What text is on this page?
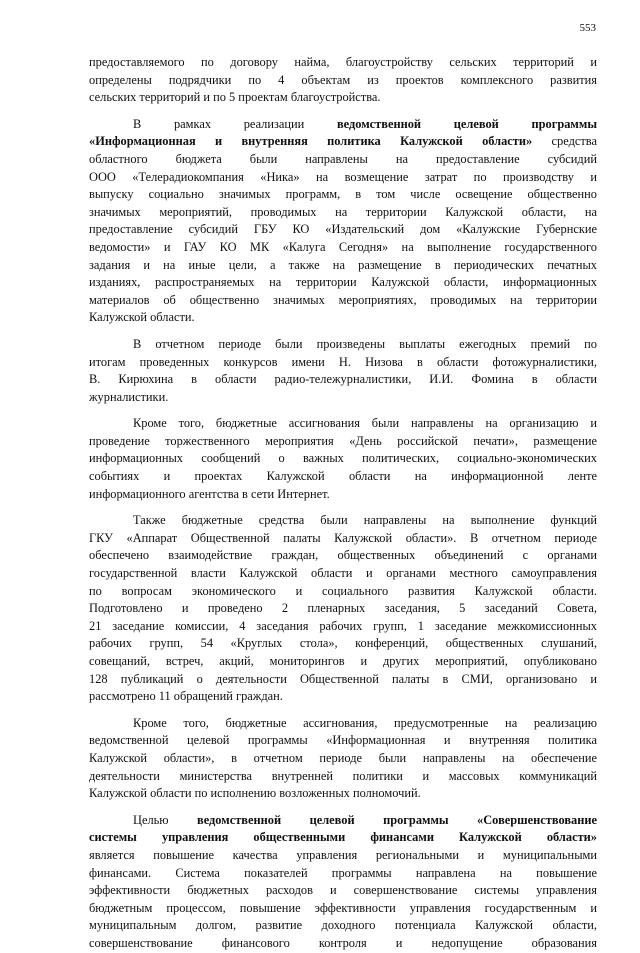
553
предоставляемого по договору найма, благоустройству сельских территорий и
определены подрядчики по 4 объектам из проектов комплексного развития
сельских территорий и по 5 проектам благоустройства.
В рамках реализации ведомственной целевой программы
«Информационная и внутренняя политика Калужской области» средства
областного бюджета были направлены на предоставление субсидий
ООО «Телерадиокомпания «Ника» на возмещение затрат по производству и
выпуску социально значимых программ, в том числе освещение общественно
значимых мероприятий, проводимых на территории Калужской области, на
предоставление субсидий ГБУ КО «Издательский дом «Калужские Губернские
ведомости» и ГАУ КО МК «Калуга Сегодня» на выполнение государственного
задания и на иные цели, а также на размещение в периодических печатных
изданиях, распространяемых на территории Калужской области, информационных
материалов об общественно значимых мероприятиях, проводимых на территории
Калужской области.
В отчетном периоде были произведены выплаты ежегодных премий по
итогам проведенных конкурсов имени Н. Низова в области фотожурналистики,
В. Кирюхина в области радио-тележурналистики, И.И. Фомина в области
журналистики.
Кроме того, бюджетные ассигнования были направлены на организацию и
проведение торжественного мероприятия «День российской печати», размещение
информационных сообщений о важных политических, социально-экономических
событиях и проектах Калужской области на информационной ленте
информационного агентства в сети Интернет.
Также бюджетные средства были направлены на выполнение функций
ГКУ «Аппарат Общественной палаты Калужской области». В отчетном периоде
обеспечено взаимодействие граждан, общественных объединений с органами
государственной власти Калужской области и органами местного самоуправления
по вопросам экономического и социального развития Калужской области.
Подготовлено и проведено 2 пленарных заседания, 5 заседаний Совета,
21 заседание комиссии, 4 заседания рабочих групп, 1 заседание межкомиссионных
рабочих групп, 54 «Круглых стола», конференций, общественных слушаний,
совещаний, встреч, акций, мониторингов и других мероприятий, опубликовано
128 публикаций о деятельности Общественной палаты в СМИ, организовано и
рассмотрено 11 обращений граждан.
Кроме того, бюджетные ассигнования, предусмотренные на реализацию
ведомственной целевой программы «Информационная и внутренняя политика
Калужской области», в отчетном периоде были направлены на обеспечение
деятельности министерства внутренней политики и массовых коммуникаций
Калужской области по исполнению возложенных полномочий.
Целью ведомственной целевой программы «Совершенствование
системы управления общественными финансами Калужской области»
является повышение качества управления региональными и муниципальными
финансами. Система показателей программы направлена на повышение
эффективности бюджетных расходов и совершенствование системы управления
бюджетным процессом, повышение эффективности управления государственным и
муниципальным долгом, развитие доходного потенциала Калужской области,
совершенствование финансового контроля и недопущение образования
